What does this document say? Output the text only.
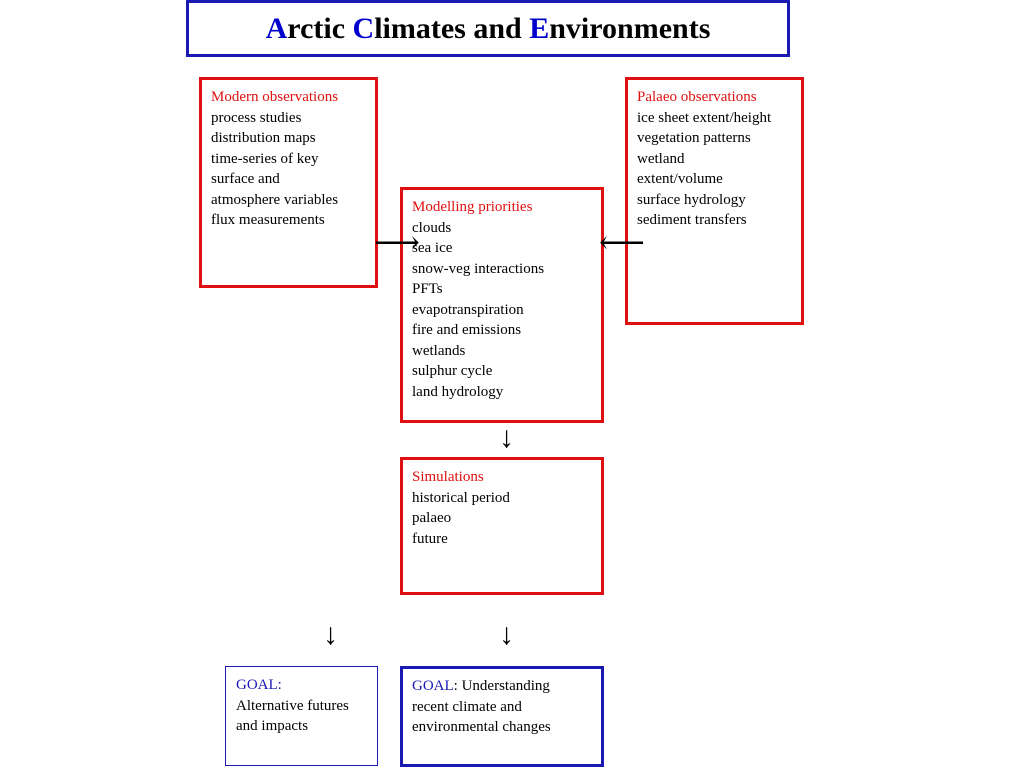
A rctic C limates and E nvironments
Modern observations
process studies
distribution maps
time-series of key
surface and
atmosphere variables
flux measurements
Palaeo observations
ice sheet extent/height
vegetation patterns
wetland
extent/volume
surface hydrology
sediment transfers
Modelling priorities
clouds
sea ice
snow-veg interactions
PFTs
evapotranspiration
fire and emissions
wetlands
sulphur cycle
land hydrology
Simulations
historical period
palaeo
future
GOAL:
Alternative futures
and impacts
GOAL: Understanding
recent climate and
environmental changes
⟶	⟵
↓
↓	↓
